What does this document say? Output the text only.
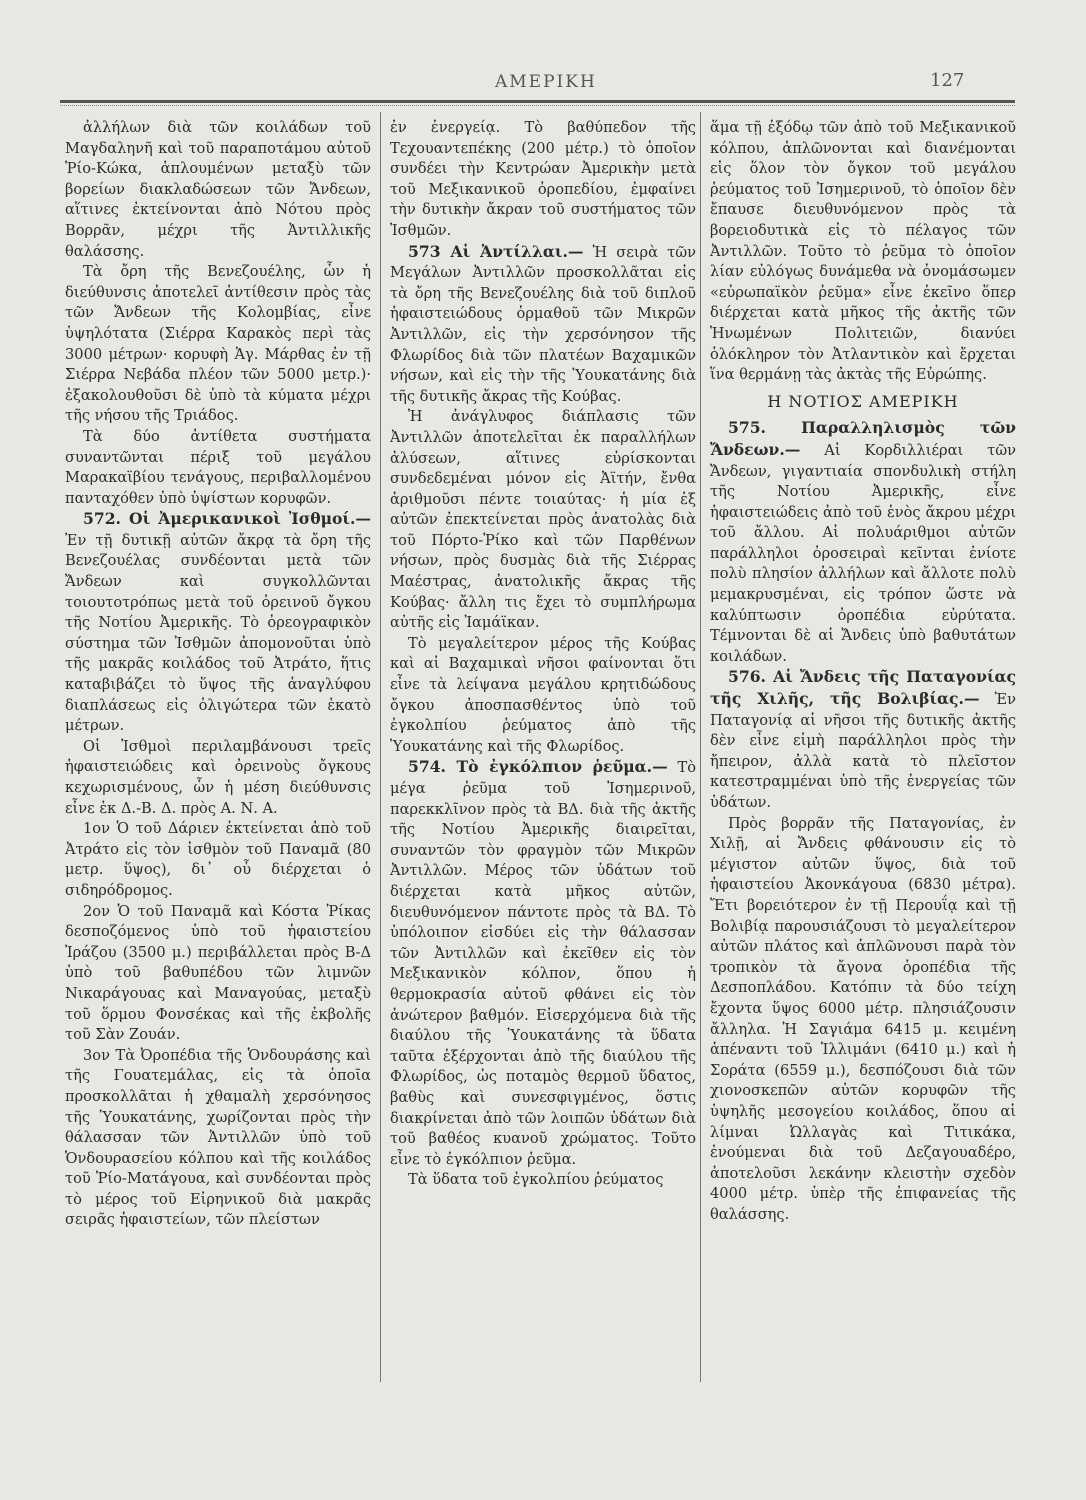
ΑΜΕΡΙΚΗ	127

ἀλλήλων διὰ τῶν κοιλάδων τοῦ Μαγδαληνῆ καὶ τοῦ παραποτάμου αὐτοῦ Ῥίο-Κώκα, ἁπλουμένων μεταξὺ τῶν βορείων διακλαδώσεων τῶν Ἄνδεων, αἵτινες ἐκτείνονται ἀπὸ Νότου πρὸς Βορρᾶν, μέχρι τῆς Ἀντιλλικῆς θαλάσσης.

Τὰ ὄρη τῆς Βενεζουέλης, ὧν ἡ διεύθυνσις ἀποτελεῖ ἀντίθεσιν πρὸς τὰς τῶν Ἄνδεων τῆς Κολομβίας, εἶνε ὑψηλότατα (Σιέρρα Καρακὸς περὶ τὰς 3000 μέτρων· κορυφὴ Ἁγ. Μάρθας ἐν τῇ Σιέρρα Νεβάδα πλέον τῶν 5000 μετρ.)· ἐξακολουθοῦσι δὲ ὑπὸ τὰ κύματα μέχρι τῆς νήσου τῆς Τριάδος.

Τὰ δύο ἀντίθετα συστήματα συναντῶνται πέριξ τοῦ μεγάλου Μαρακαϊβίου τενάγους, περιβαλλομένου πανταχόθεν ὑπὸ ὑψίστων κορυφῶν.

572. Οἱ Ἀμερικανικοὶ Ἰσθμοί.— Ἐν τῇ δυτικῇ αὐτῶν ἄκρᾳ τὰ ὄρη τῆς Βενεζουέλας συνδέονται μετὰ τῶν Ἄνδεων καὶ συγκολλῶνται τοιουτοτρόπως μετὰ τοῦ ὀρεινοῦ ὄγκου τῆς Νοτίου Ἀμερικῆς. Τὸ ὀρεογραφικὸν σύστημα τῶν Ἰσθμῶν ἀπομονοῦται ὑπὸ τῆς μακρᾶς κοιλάδος τοῦ Ἀτράτο, ἥτις καταβιβάζει τὸ ὕψος τῆς ἀναγλύφου διαπλάσεως εἰς ὀλιγώτερα τῶν ἑκατὸ μέτρων.

Οἱ Ἰσθμοὶ περιλαμβάνουσι τρεῖς ἡφαιστειώδεις καὶ ὀρεινοὺς ὄγκους κεχωρισμένους, ὧν ἡ μέση διεύθυνσις εἶνε ἐκ Δ.-Β. Δ. πρὸς Α. Ν. Α.

1ον Ὁ τοῦ Δάριεν ἐκτείνεται ἀπὸ τοῦ Ἀτράτο εἰς τὸν ἰσθμὸν τοῦ Παναμᾶ (80 μετρ. ὕψος), δι᾽ οὗ διέρχεται ὁ σιδηρόδρομος.

2ον Ὁ τοῦ Παναμᾶ καὶ Κόστα Ῥίκας δεσποζόμενος ὑπὸ τοῦ ἡφαιστείου Ἰράζου (3500 μ.) περιβάλλεται πρὸς Β-Δ ὑπὸ τοῦ βαθυπέδου τῶν λιμνῶν Νικαράγουας καὶ Μαναγούας, μεταξὺ τοῦ ὅρμου Φονσέκας καὶ τῆς ἐκβολῆς τοῦ Σὰν Ζουάν.

3ον Τὰ Ὀροπέδια τῆς Ὁνδουράσης καὶ τῆς Γουατεμάλας, εἰς τὰ ὁποῖα προσκολλᾶται ἡ χθαμαλὴ χερσόνησος τῆς Ὑουκατάνης, χωρίζονται πρὸς τὴν θάλασσαν τῶν Ἀντιλλῶν ὑπὸ τοῦ Ὁνδουρασείου κόλπου καὶ τῆς κοιλάδος τοῦ Ῥίο-Ματάγουα, καὶ συνδέονται πρὸς τὸ μέρος τοῦ Εἰρηνικοῦ διὰ μακρᾶς σειρᾶς ἡφαιστείων, τῶν πλείστων

ἐν ἐνεργείᾳ. Τὸ βαθύπεδον τῆς Τεχουαντεπέκης (200 μέτρ.) τὸ ὁποῖον συνδέει τὴν Κεντρώαν Ἀμερικὴν μετὰ τοῦ Μεξικανικοῦ ὀροπεδίου, ἐμφαίνει τὴν δυτικὴν ἄκραν τοῦ συστήματος τῶν Ἰσθμῶν.

573 Αἱ Ἀντίλλαι.— Ἡ σειρὰ τῶν Μεγάλων Ἀντιλλῶν προσκολλᾶται εἰς τὰ ὄρη τῆς Βενεζουέλης διὰ τοῦ διπλοῦ ἡφαιστειώδους ὁρμαθοῦ τῶν Μικρῶν Ἀντιλλῶν, εἰς τὴν χερσόνησον τῆς Φλωρίδος διὰ τῶν πλατέων Βαχαμικῶν νήσων, καὶ εἰς τὴν τῆς Ὑουκατάνης διὰ τῆς δυτικῆς ἄκρας τῆς Κούβας.

Ἡ ἀνάγλυφος διάπλασις τῶν Ἀντιλλῶν ἀποτελεῖται ἐκ παραλλήλων ἀλύσεων, αἵτινες εὑρίσκονται συνδεδεμέναι μόνον εἰς Ἀϊτήν, ἔνθα ἀριθμοῦσι πέντε τοιαύτας· ἡ μία ἐξ αὐτῶν ἐπεκτείνεται πρὸς ἀνατολὰς διὰ τοῦ Πόρτο-Ῥίκο καὶ τῶν Παρθένων νήσων, πρὸς δυσμὰς διὰ τῆς Σιέρρας Μαέστρας, ἀνατολικῆς ἄκρας τῆς Κούβας· ἄλλη τις ἔχει τὸ συμπλήρωμα αὐτῆς εἰς Ἰαμάϊκαν.

Τὸ μεγαλείτερον μέρος τῆς Κούβας καὶ αἱ Βαχαμικαὶ νῆσοι φαίνονται ὅτι εἶνε τὰ λείψανα μεγάλου κρητιδώδους ὄγκου ἀποσπασθέντος ὑπὸ τοῦ ἐγκολπίου ῥεύματος ἀπὸ τῆς Ὑουκατάνης καὶ τῆς Φλωρίδος.

574. Τὸ ἐγκόλπιον ῥεῦμα.— Τὸ μέγα ῥεῦμα τοῦ Ἰσημερινοῦ, παρεκκλῖνον πρὸς τὰ ΒΔ. διὰ τῆς ἀκτῆς τῆς Νοτίου Ἀμερικῆς διαιρεῖται, συναντῶν τὸν φραγμὸν τῶν Μικρῶν Ἀντιλλῶν. Μέρος τῶν ὑδάτων τοῦ διέρχεται κατὰ μῆκος αὐτῶν, διευθυνόμενον πάντοτε πρὸς τὰ ΒΔ. Τὸ ὑπόλοιπον εἰσδύει εἰς τὴν θάλασσαν τῶν Ἀντιλλῶν καὶ ἐκεῖθεν εἰς τὸν Μεξικανικὸν κόλπον, ὅπου ἡ θερμοκρασία αὐτοῦ φθάνει εἰς τὸν ἀνώτερον βαθμόν. Εἰσερχόμενα διὰ τῆς διαύλου τῆς Ὑουκατάνης τὰ ὕδατα ταῦτα ἐξέρχονται ἀπὸ τῆς διαύλου τῆς Φλωρίδος, ὡς ποταμὸς θερμοῦ ὕδατος, βαθὺς καὶ συνεσφιγμένος, ὅστις διακρίνεται ἀπὸ τῶν λοιπῶν ὑδάτων διὰ τοῦ βαθέος κυανοῦ χρώματος. Τοῦτο εἶνε τὸ ἐγκόλπιον ῥεῦμα.

Τὰ ὕδατα τοῦ ἐγκολπίου ῥεύματος

ἅμα τῇ ἐξόδῳ τῶν ἀπὸ τοῦ Μεξικανικοῦ κόλπου, ἁπλῶνονται καὶ διανέμονται εἰς ὅλον τὸν ὄγκον τοῦ μεγάλου ῥεύματος τοῦ Ἰσημερινοῦ, τὸ ὁποῖον δὲν ἔπαυσε διευθυνόμενον πρὸς τὰ βορειοδυτικὰ εἰς τὸ πέλαγος τῶν Ἀντιλλῶν. Τοῦτο τὸ ῥεῦμα τὸ ὁποῖον λίαν εὐλόγως δυνάμεθα νὰ ὀνομάσωμεν «εὐρωπαϊκὸν ῥεῦμα» εἶνε ἐκεῖνο ὅπερ διέρχεται κατὰ μῆκος τῆς ἀκτῆς τῶν Ἡνωμένων Πολιτειῶν, διανύει ὁλόκληρον τὸν Ἀτλαντικὸν καὶ ἔρχεται ἵνα θερμάνῃ τὰς ἀκτὰς τῆς Εὐρώπης.

Η ΝΟΤΙΟΣ ΑΜΕΡΙΚΗ

575. Παραλληλισμὸς τῶν Ἄνδεων.— Αἱ Κορδιλλιέραι τῶν Ἄνδεων, γιγαντιαία σπονδυλικὴ στήλη τῆς Νοτίου Ἀμερικῆς, εἶνε ἡφαιστειώδεις ἀπὸ τοῦ ἑνὸς ἄκρου μέχρι τοῦ ἄλλου. Αἱ πολυάριθμοι αὐτῶν παράλληλοι ὀροσειραὶ κεῖνται ἐνίοτε πολὺ πλησίον ἀλλήλων καὶ ἄλλοτε πολὺ μεμακρυσμέναι, εἰς τρόπον ὥστε νὰ καλύπτωσιν ὀροπέδια εὐρύτατα. Τέμνονται δὲ αἱ Ἄνδεις ὑπὸ βαθυτάτων κοιλάδων.

576. Αἱ Ἄνδεις τῆς Παταγονίας τῆς Χιλῆς, τῆς Βολιβίας.— Ἐν Παταγονίᾳ αἱ νῆσοι τῆς δυτικῆς ἀκτῆς δὲν εἶνε εἰμὴ παράλληλοι πρὸς τὴν ἤπειρον, ἀλλὰ κατὰ τὸ πλεῖστον κατεστραμμέναι ὑπὸ τῆς ἐνεργείας τῶν ὑδάτων.

Πρὸς βορρᾶν τῆς Παταγονίας, ἐν Χιλῇ, αἱ Ἄνδεις φθάνουσιν εἰς τὸ μέγιστον αὐτῶν ὕψος, διὰ τοῦ ἡφαιστείου Ἀκονκάγουα (6830 μέτρα). Ἔτι βορειότερον ἐν τῇ Περουΐᾳ καὶ τῇ Βολιβίᾳ παρουσιάζουσι τὸ μεγαλείτερον αὐτῶν πλάτος καὶ ἁπλῶνουσι παρὰ τὸν τροπικὸν τὰ ἄγονα ὀροπέδια τῆς Δεσποπλάδου. Κατόπιν τὰ δύο τείχη ἔχοντα ὕψος 6000 μέτρ. πλησιάζουσιν ἄλληλα. Ἡ Σαγιάμα 6415 μ. κειμένη ἀπέναντι τοῦ Ἰλλιμάνι (6410 μ.) καὶ ἡ Σοράτα (6559 μ.), δεσπόζουσι διὰ τῶν χιονοσκεπῶν αὐτῶν κορυφῶν τῆς ὑψηλῆς μεσογείου κοιλάδος, ὅπου αἱ λίμναι Ὠλλαγὰς καὶ Τιτικάκα, ἐνούμεναι διὰ τοῦ Δεζαγουαδέρο, ἀποτελοῦσι λεκάνην κλειστὴν σχεδὸν 4000 μέτρ. ὑπὲρ τῆς ἐπιφανείας τῆς θαλάσσης.
